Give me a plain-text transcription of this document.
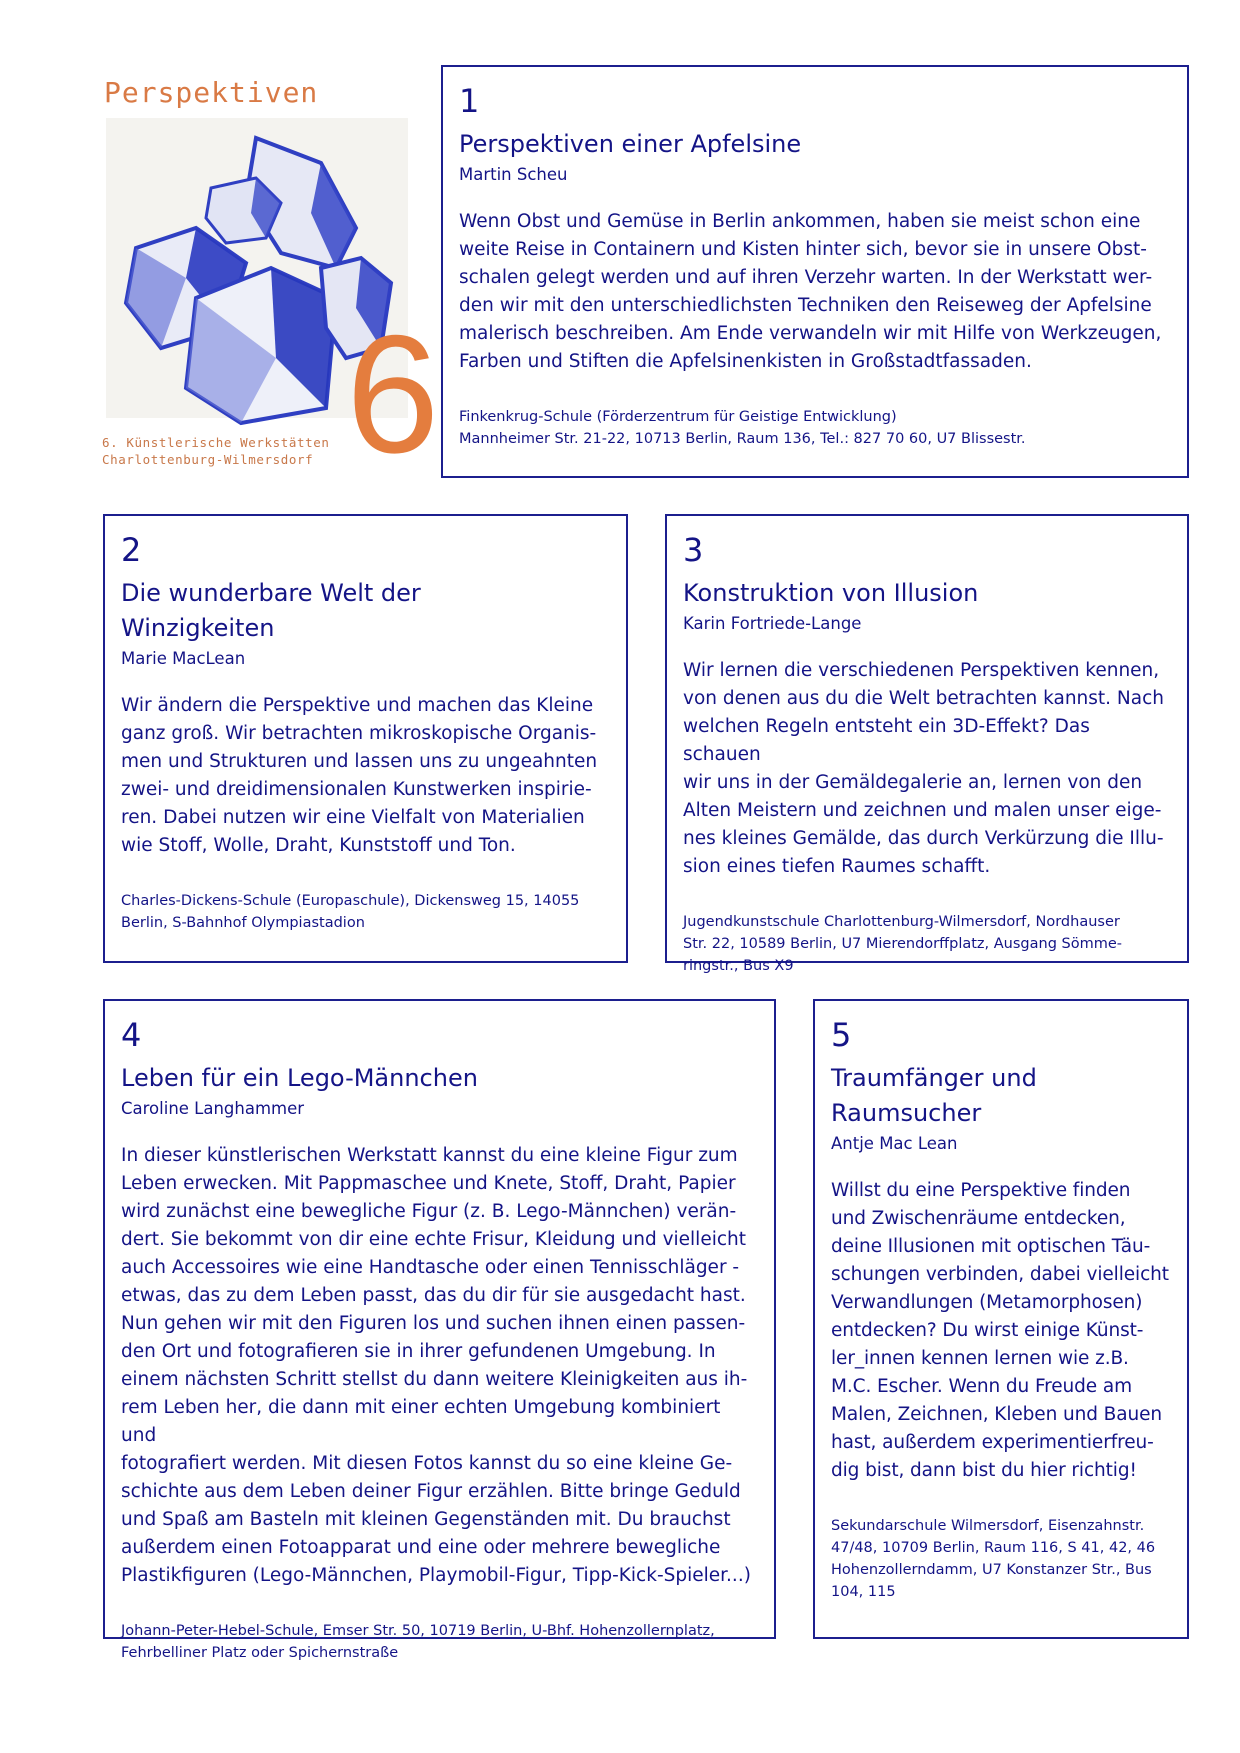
Perspektiven
6
6. Künstlerische Werkstätten
Charlottenburg-Wilmersdorf
1
Perspektiven einer Apfelsine
Martin Scheu
Wenn Obst und Gemüse in Berlin ankommen, haben sie meist schon eine
weite Reise in Containern und Kisten hinter sich, bevor sie in unsere Obst-
schalen gelegt werden und auf ihren Verzehr warten. In der Werkstatt wer-
den wir mit den unterschiedlichsten Techniken den Reiseweg der Apfelsine
malerisch beschreiben. Am Ende verwandeln wir mit Hilfe von Werkzeugen,
Farben und Stiften die Apfelsinenkisten in Großstadtfassaden.
Finkenkrug-Schule (Förderzentrum für Geistige Entwicklung)
Mannheimer Str. 21-22, 10713 Berlin, Raum 136, Tel.: 827 70 60, U7 Blissestr.
2
Die wunderbare Welt der
Winzigkeiten
Marie MacLean
Wir ändern die Perspektive und machen das Kleine
ganz groß. Wir betrachten mikroskopische Organis-
men und Strukturen und lassen uns zu ungeahnten
zwei- und dreidimensionalen Kunstwerken inspirie-
ren. Dabei nutzen wir eine Vielfalt von Materialien
wie Stoff, Wolle, Draht, Kunststoff und Ton.
Charles-Dickens-Schule (Europaschule), Dickensweg 15, 14055
Berlin, S-Bahnhof Olympiastadion
3
Konstruktion von Illusion
Karin Fortriede-Lange
Wir lernen die verschiedenen Perspektiven kennen,
von denen aus du die Welt betrachten kannst. Nach
welchen Regeln entsteht ein 3D-Effekt? Das schauen
wir uns in der Gemäldegalerie an, lernen von den
Alten Meistern und zeichnen und malen unser eige-
nes kleines Gemälde, das durch Verkürzung die Illu-
sion eines tiefen Raumes schafft.
Jugendkunstschule Charlottenburg-Wilmersdorf, Nordhauser
Str. 22, 10589 Berlin, U7 Mierendorffplatz, Ausgang Sömme-
ringstr., Bus X9
4
Leben für ein Lego-Männchen
Caroline Langhammer
In dieser künstlerischen Werkstatt kannst du eine kleine Figur zum
Leben erwecken. Mit Pappmaschee und Knete, Stoff, Draht, Papier
wird zunächst eine bewegliche Figur (z. B. Lego-Männchen) verän-
dert. Sie bekommt von dir eine echte Frisur, Kleidung und vielleicht
auch Accessoires wie eine Handtasche oder einen Tennisschläger -
etwas, das zu dem Leben passt, das du dir für sie ausgedacht hast.
Nun gehen wir mit den Figuren los und suchen ihnen einen passen-
den Ort und fotografieren sie in ihrer gefundenen Umgebung. In
einem nächsten Schritt stellst du dann weitere Kleinigkeiten aus ih-
rem Leben her, die dann mit einer echten Umgebung kombiniert und
fotografiert werden. Mit diesen Fotos kannst du so eine kleine Ge-
schichte aus dem Leben deiner Figur erzählen. Bitte bringe Geduld
und Spaß am Basteln mit kleinen Gegenständen mit. Du brauchst
außerdem einen Fotoapparat und eine oder mehrere bewegliche
Plastikfiguren (Lego-Männchen, Playmobil-Figur, Tipp-Kick-Spieler...)
Johann-Peter-Hebel-Schule, Emser Str. 50, 10719 Berlin, U-Bhf. Hohenzollernplatz,
Fehrbelliner Platz oder Spichernstraße
5
Traumfänger und
Raumsucher
Antje Mac Lean
Willst du eine Perspektive finden
und Zwischenräume entdecken,
deine Illusionen mit optischen Täu-
schungen verbinden, dabei vielleicht
Verwandlungen (Metamorphosen)
entdecken? Du wirst einige Künst-
ler_innen kennen lernen wie z.B.
M.C. Escher. Wenn du Freude am
Malen, Zeichnen, Kleben und Bauen
hast, außerdem experimentierfreu-
dig bist, dann bist du hier richtig!
Sekundarschule Wilmersdorf, Eisenzahnstr.
47/48, 10709 Berlin, Raum 116, S 41, 42, 46
Hohenzollerndamm, U7 Konstanzer Str., Bus
104, 115
